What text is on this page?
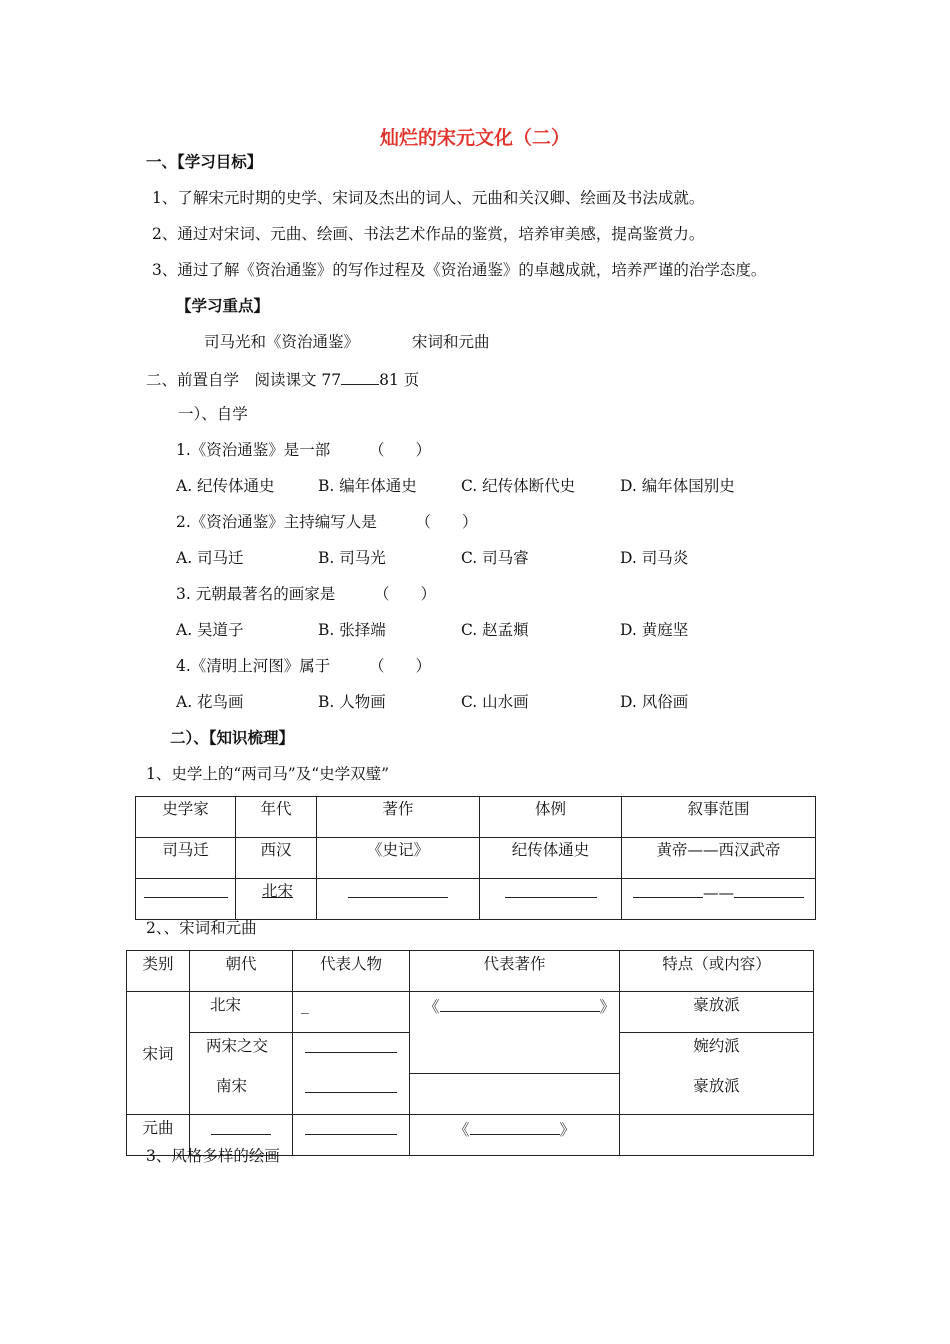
灿烂的宋元文化（二）
一、【学习目标】
1、了解宋元时期的史学、宋词及杰出的词人、元曲和关汉卿、绘画及书法成就。
2、通过对宋词、元曲、绘画、书法艺术作品的鉴赏，培养审美感，提高鉴赏力。
3、通过了解《资治通鉴》的写作过程及《资治通鉴》的卓越成就，培养严谨的治学态度。
【学习重点】
司马光和《资治通鉴》	宋词和元曲
二、前置自学　阅读课文 77 81 页
一）、自学
1.《资治通鉴》是一部　　　（　　）
A. 纪传体通史	B. 编年体通史	C. 纪传体断代史	D. 编年体国别史
2.《资治通鉴》主持编写人是　　　（　　）
A. 司马迁	B. 司马光	C. 司马睿	D. 司马炎
3. 元朝最著名的画家是　　　（　　）
A. 吴道子	B. 张择端	C. 赵孟頫	D. 黄庭坚
4.《清明上河图》属于　　　（　　）
A. 花鸟画	B. 人物画	C. 山水画	D. 风俗画
二）、【知识梳理】
1、史学上的“两司马”及“史学双璧”
史学家	年代	著作	体例	叙事范围
司马迁	西汉	《史记》	纪传体通史	黄帝——西汉武帝
	北宋			——
2、、宋词和元曲
类别	朝代	代表人物	代表著作	特点（或内容）
宋词	北宋	_	《 》	豪放派
	两宋之交			婉约派
	南宋			豪放派
元曲			《 》	
3、风格多样的绘画
